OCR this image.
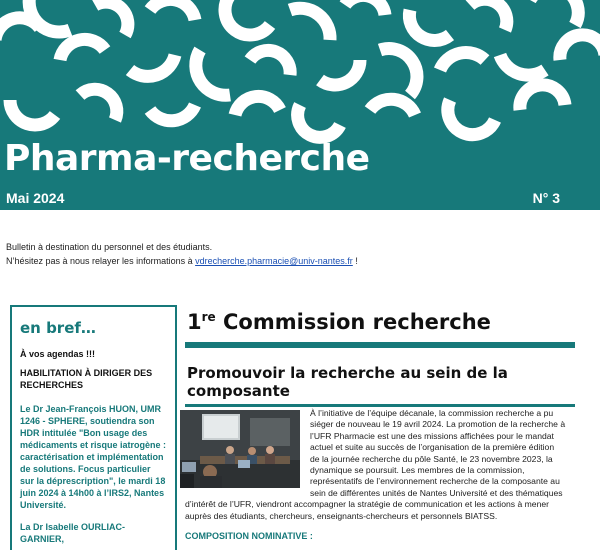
Pharma-recherche
Mai 2024	N° 3
Bulletin à destination du personnel et des étudiants.
N’hésitez pas à nous relayer les informations à vdrecherche.pharmacie@univ-nantes.fr !
en bref…
À vos agendas !!!
HABILITATION À DIRIGER DES RECHERCHES
Le Dr Jean-François HUON, UMR 1246 - SPHERE, soutiendra son HDR intitulée "Bon usage des médicaments et risque iatrogène : caractérisation et implémentation de solutions. Focus particulier sur la déprescription", le mardi 18 juin 2024 à 14h00 à l’IRS2, Nantes Université.
La Dr Isabelle OURLIAC-GARNIER,
1re Commission recherche
Promouvoir la recherche au sein de la composante
À l’initiative de l’équipe décanale, la commission recherche a pu
siéger de nouveau le 19 avril 2024. La promotion de la recherche à
l’UFR Pharmacie est une des missions affichées pour le mandat
actuel et suite au succès de l’organisation de la première édition
de la journée recherche du pôle Santé, le 23 novembre 2023, la
dynamique se poursuit. Les membres de la commission,
représentatifs de l’environnement recherche de la composante au
sein de différentes unités de Nantes Université et des thématiques
d’intérêt de l’UFR, viendront accompagner la stratégie de communication et les actions à mener
auprès des étudiants, chercheurs, enseignants-chercheurs et personnels BIATSS.
COMPOSITION NOMINATIVE :
